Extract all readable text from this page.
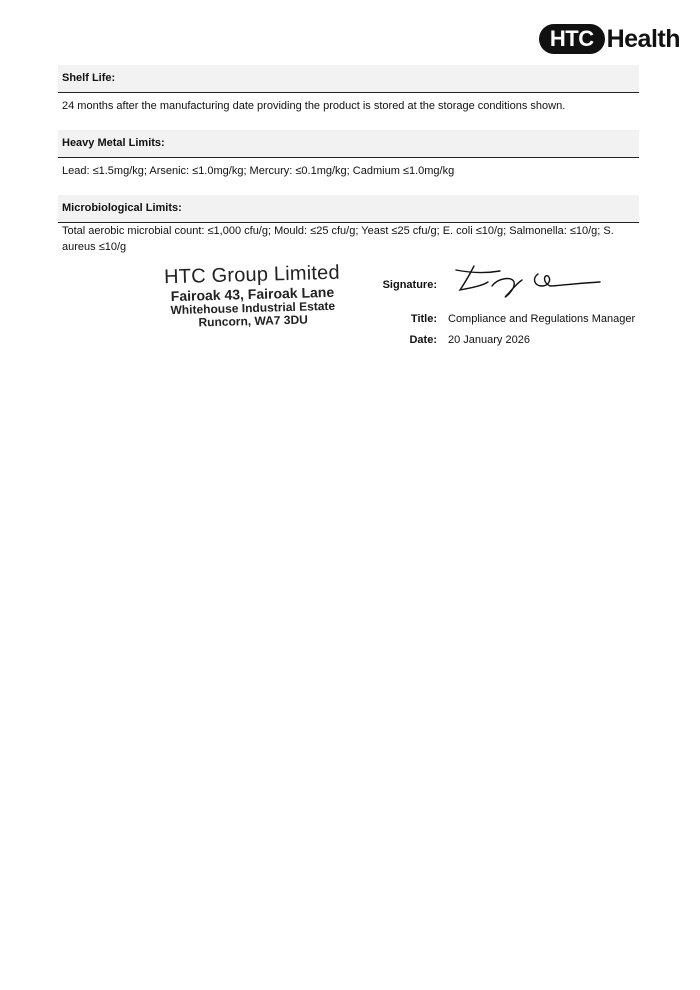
HTC Health
Shelf Life:
24 months after the manufacturing date providing the product is stored at the storage conditions shown.
Heavy Metal Limits:
Lead: ≤1.5mg/kg; Arsenic: ≤1.0mg/kg; Mercury: ≤0.1mg/kg; Cadmium ≤1.0mg/kg
Microbiological Limits:
Total aerobic microbial count: ≤1,000 cfu/g; Mould: ≤25 cfu/g; Yeast ≤25 cfu/g; E. coli ≤10/g; Salmonella: ≤10/g; S. aureus ≤10/g
HTC Group Limited
Fairoak 43, Fairoak Lane
Whitehouse Industrial Estate
Runcorn, WA7 3DU
Signature:
Title: Compliance and Regulations Manager
Date: 20 January 2026
